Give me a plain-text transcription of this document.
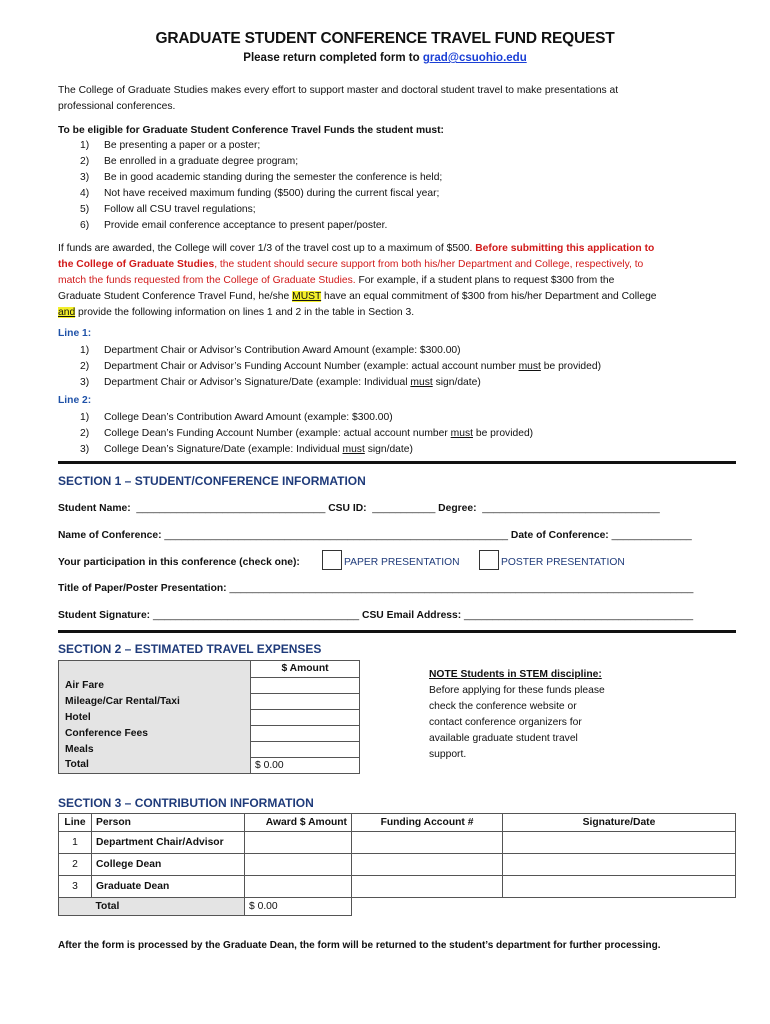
GRADUATE STUDENT CONFERENCE TRAVEL FUND REQUEST
Please return completed form to grad@csuohio.edu
The College of Graduate Studies makes every effort to support master and doctoral student travel to make presentations at
professional conferences.
To be eligible for Graduate Student Conference Travel Funds the student must:
1) Be presenting a paper or a poster;
2) Be enrolled in a graduate degree program;
3) Be in good academic standing during the semester the conference is held;
4) Not have received maximum funding ($500) during the current fiscal year;
5) Follow all CSU travel regulations;
6) Provide email conference acceptance to present paper/poster.
If funds are awarded, the College will cover 1/3 of the travel cost up to a maximum of $500. Before submitting this application to
the College of Graduate Studies, the student should secure support from both his/her Department and College, respectively, to
match the funds requested from the College of Graduate Studies. For example, if a student plans to request $300 from the
Graduate Student Conference Travel Fund, he/she MUST have an equal commitment of $300 from his/her Department and College
and provide the following information on lines 1 and 2 in the table in Section 3.
Line 1:
1) Department Chair or Advisor’s Contribution Award Amount (example: $300.00)
2) Department Chair or Advisor’s Funding Account Number (example: actual account number must be provided)
3) Department Chair or Advisor’s Signature/Date (example: Individual must sign/date)
Line 2:
1) College Dean’s Contribution Award Amount (example: $300.00)
2) College Dean’s Funding Account Number (example: actual account number must be provided)
3) College Dean’s Signature/Date (example: Individual must sign/date)
SECTION 1 – STUDENT/CONFERENCE INFORMATION
Student Name:  _________________________________ CSU ID:  ___________ Degree:  _______________________________
Name of Conference: ____________________________________________________________ Date of Conference: ______________
Your participation in this conference (check one):	PAPER PRESENTATION	POSTER PRESENTATION
Title of Paper/Poster Presentation: _________________________________________________________________________________
Student Signature: ____________________________________ CSU Email Address: ________________________________________
SECTION 2 – ESTIMATED TRAVEL EXPENSES
	$ Amount
Air Fare	
Mileage/Car Rental/Taxi	
Hotel	
Conference Fees	
Meals	
Total	$ 0.00
NOTE Students in STEM discipline:
Before applying for these funds please
check the conference website or
contact conference organizers for
available graduate student travel
support.
SECTION 3 – CONTRIBUTION INFORMATION
Line	Person	Award $ Amount	Funding Account #	Signature/Date
1	Department Chair/Advisor			
2	College Dean			
3	Graduate Dean			
	Total	$ 0.00		
After the form is processed by the Graduate Dean, the form will be returned to the student’s department for further processing.
